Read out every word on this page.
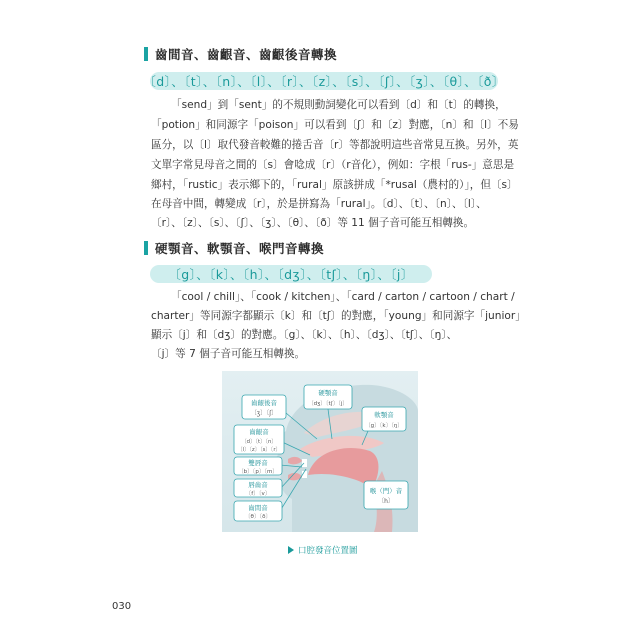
齒間音、齒齦音、齒齦後音轉換
〔d〕、〔t〕、〔n〕、〔l〕、〔r〕、〔z〕、〔s〕、〔ʃ〕、〔ʒ〕、〔θ〕、〔ð〕
「send」到「sent」的不規則動詞變化可以看到〔d〕和〔t〕的轉換，
「potion」和同源字「poison」可以看到〔ʃ〕和〔z〕對應，〔n〕和〔l〕不易
區分，以〔l〕取代發音較難的捲舌音〔r〕等都說明這些音常見互換。另外，英
文單字常見母音之間的〔s〕會唸成〔r〕（r音化），例如：字根「rus-」意思是
鄉村，「rustic」表示鄉下的，「rural」原該拼成「*rusal（農村的）」，但〔s〕
在母音中間，轉變成〔r〕，於是拼寫為「rural」。〔d〕、〔t〕、〔n〕、〔l〕、
〔r〕、〔z〕、〔s〕、〔ʃ〕、〔ʒ〕、〔θ〕、〔ð〕等 11 個子音可能互相轉換。
硬顎音、軟顎音、喉門音轉換
〔g〕、〔k〕、〔h〕、〔dʒ〕、〔tʃ〕、〔ŋ〕、〔j〕
「cool / chill」、「cook / kitchen」、「card / carton / cartoon / chart /
charter」等同源字都顯示〔k〕和〔tʃ〕的對應，「young」和同源字「junior」
顯示〔j〕和〔dʒ〕的對應。〔g〕、〔k〕、〔h〕、〔dʒ〕、〔tʃ〕、〔ŋ〕、
〔j〕等 7 個子音可能互相轉換。
齒齦後音
〔ʒ〕〔ʃ〕
齒齦音
〔d〕〔t〕〔n〕
〔l〕〔z〕〔s〕〔r〕
雙唇音
〔b〕〔p〕〔m〕
唇齒音
〔f〕〔v〕
齒間音
〔θ〕〔ð〕
硬顎音
〔dʒ〕〔tʃ〕〔j〕
軟顎音
〔g〕〔k〕〔ŋ〕
喉（門）音
〔h〕
口腔發音位置圖
030
